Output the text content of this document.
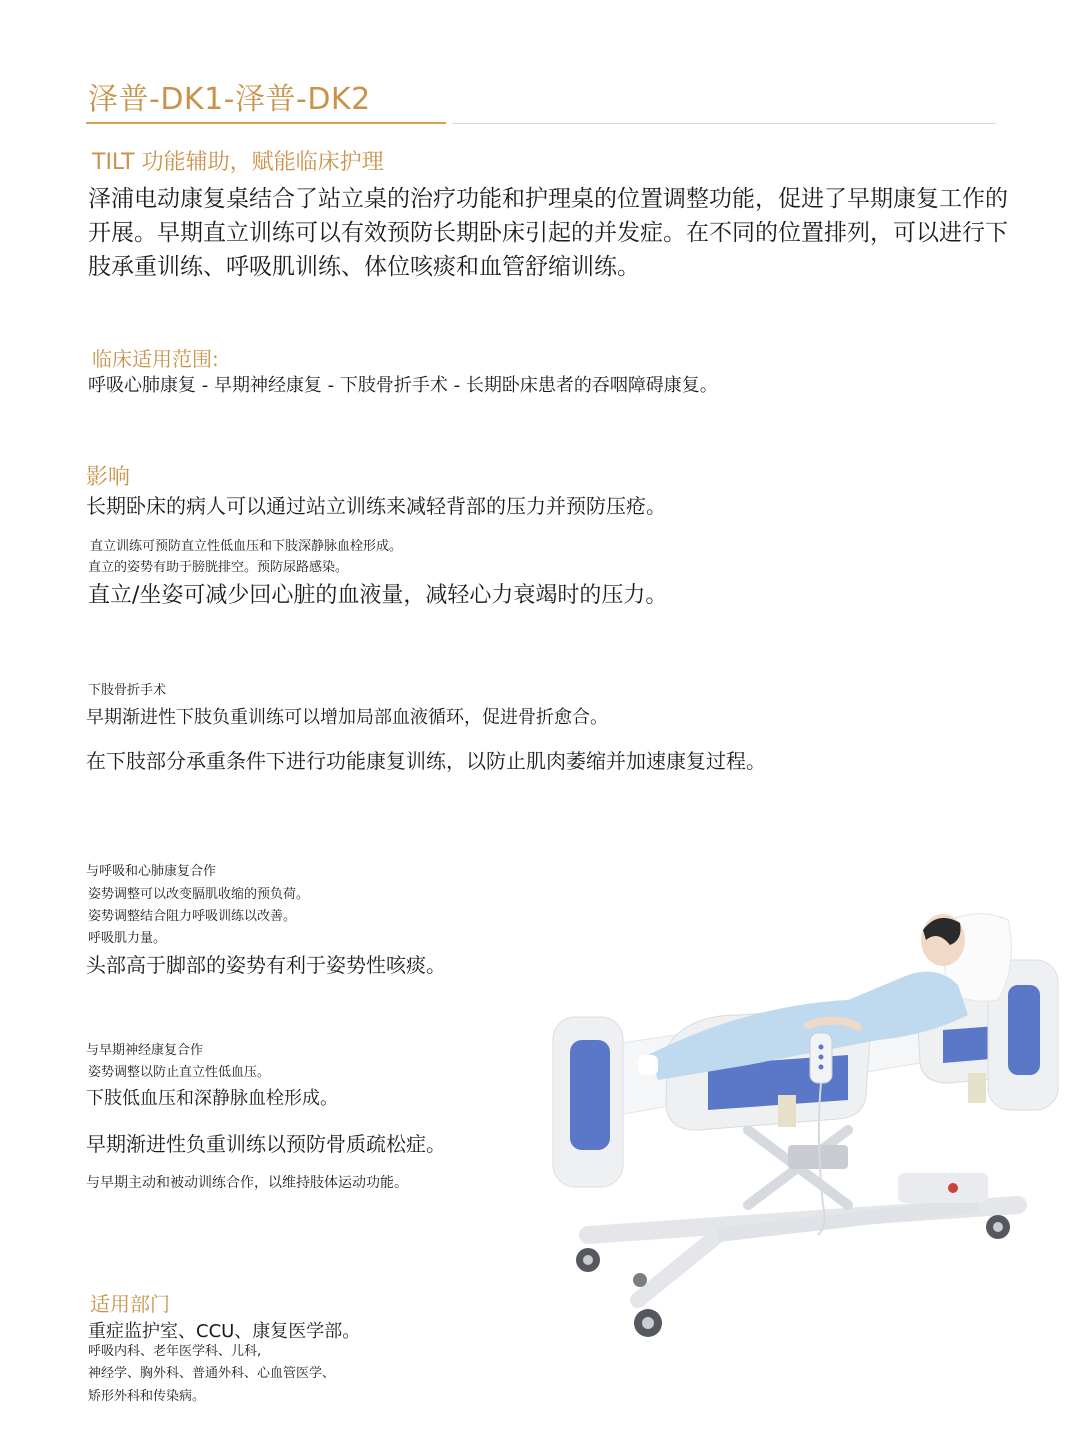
泽普-DK1-泽普-DK2
TILT 功能辅助，赋能临床护理
泽浦电动康复桌结合了站立桌的治疗功能和护理桌的位置调整功能，促进了早期康复工作的开展。早期直立训练可以有效预防长期卧床引起的并发症。在不同的位置排列，可以进行下肢承重训练、呼吸肌训练、体位咳痰和血管舒缩训练。
临床适用范围:
呼吸心肺康复 - 早期神经康复 - 下肢骨折手术 - 长期卧床患者的吞咽障碍康复。
影响
长期卧床的病人可以通过站立训练来减轻背部的压力并预防压疮。
直立训练可预防直立性低血压和下肢深静脉血栓形成。
直立的姿势有助于膀胱排空。预防尿路感染。
直立/坐姿可减少回心脏的血液量，减轻心力衰竭时的压力。
下肢骨折手术
早期渐进性下肢负重训练可以增加局部血液循环，促进骨折愈合。
在下肢部分承重条件下进行功能康复训练，以防止肌肉萎缩并加速康复过程。
与呼吸和心肺康复合作
姿势调整可以改变膈肌收缩的预负荷。
姿势调整结合阻力呼吸训练以改善。
呼吸肌力量。
头部高于脚部的姿势有利于姿势性咳痰。
与早期神经康复合作
姿势调整以防止直立性低血压。
下肢低血压和深静脉血栓形成。
早期渐进性负重训练以预防骨质疏松症。
与早期主动和被动训练合作，以维持肢体运动功能。
适用部门
重症监护室、CCU、康复医学部。
呼吸内科、老年医学科、儿科,
神经学、胸外科、普通外科、心血管医学、
矫形外科和传染病。
